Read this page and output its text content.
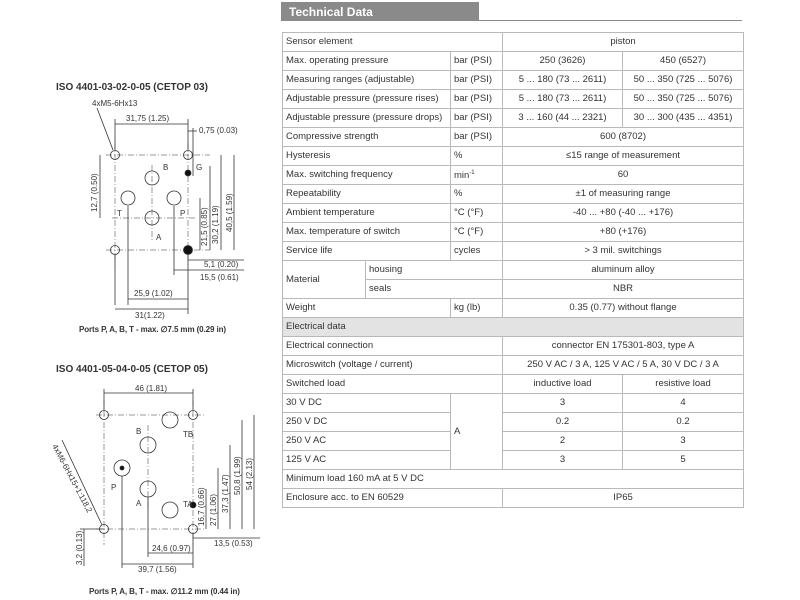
ISO 4401-03-02-0-05 (CETOP 03)
4xM5-6Hx13
31,75 (1.25)
0,75 (0.03)
B	G
T	P
A
12,7 (0.50)
21,5 (0.85) 30,2 (1.19) 40,5 (1.59)
5,1 (0.20)
15,5 (0.61)
25,9 (1.02)
31(1.22)
Ports P, A, B, T - max. ∅7.5 mm (0.29 in)
ISO 4401-05-04-0-05 (CETOP 05)
46 (1.81)
B	TB
P
A	TA
4xM6-6Hx15+1:118,2	16,7 (0.66) 27 (1.06) 37,3 (1.47) 50,8 (1.99) 54 (2.13)
13,5 (0.53)
24,6 (0.97)
39,7 (1.56)
3,2 (0.13)
Ports P, A, B, T - max. ∅11.2 mm (0.44 in)
Technical Data
Sensor element			piston	
Max. operating pressure		bar (PSI)	250 (3626)	450 (6527)
Measuring ranges (adjustable)		bar (PSI)	5 ... 180 (73 ... 2611)	50 ... 350 (725 ... 5076)
Adjustable pressure (pressure rises)		bar (PSI)	5 ... 180 (73 ... 2611)	50 ... 350 (725 ... 5076)
Adjustable pressure (pressure drops)		bar (PSI)	3 ... 160 (44 ... 2321)	30 ... 300 (435 ... 4351)
Compressive strength		bar (PSI)	600 (8702)	
Hysteresis		%	≤15 range of measurement	
Max. switching frequency		$\min^{-1}$	60	
Repeatability		%	±1 of measuring range	
Ambient temperature		°C (°F)	-40 ... +80 (-40 ... +176)	
Max. temperature of switch		°C (°F)	+80 (+176)	
Service life		cycles	> 3 mil. switchings	
Material	housing		aluminum alloy	
	seals		NBR	
Weight		kg (lb)	0.35 (0.77) without flange	
Electrical data				
Electrical connection			connector EN 175301-803, type A	
Microswitch (voltage / current)			250 V AC / 3 A, 125 V AC / 5 A, 30 V DC / 3 A	
Switched load			inductive load	resistive load
30 V DC		A	3	4
250 V DC			0.2	0.2
250 V AC			2	3
125 V AC			3	5
Minimum load 160 mA at 5 V DC				
Enclosure acc. to EN 60529			IP65	
